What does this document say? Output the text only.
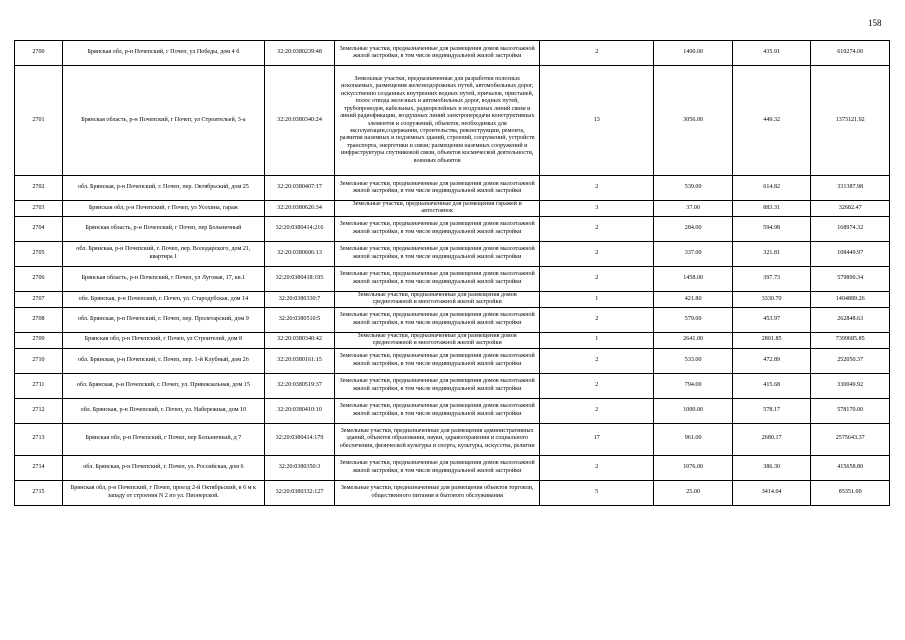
158
2700	Брянская обл, р-н Почепский, г Почеп, ул Победы, дом 4 б	32:20:0380239:48	Земельные участки, предназначенные для размещения домов малоэтажной жилой застройки, в том числе индивидуальной жилой застройки	2	1400.00	435.91	610274.00
2701	Брянская область, р-н Почепский, г Почеп, ул Строительей, 3-а	32:20:0380340:24	Земельные участки, предназначенные для разработки полезных ископаемых, размещения железнодорожных путей, автомобильных дорог, искусственно созданных внутренних водных путей, причалов, пристаней, полос отвода железных и автомобильных дорог, водных путей, трубопроводов, кабельных, радиорелейных и воздушных линий связи и линий радиофикации, воздушных линий электропередачи конструктивных элементов и сооружений, объектов, необходимых для эксплуатации,содержания, строительства, реконструкции, ремонта, развития наземных и подземных зданий, строений, сооружений, устройств транспорта, энергетики и связи; размещения наземных сооружений и инфраструктуры спутниковой связи, объектов космической деятельности, военных объектов	13	3056.00	449.32	1373121.92
2702	обл. Брянская, р-н Почепский, г. Почеп, пер. Октябрьский, дом 25	32:20:0380407:17	Земельные участки, предназначенные для размещения домов малоэтажной жилой застройки, в том числе индивидуальной жилой застройки	2	539.00	614.82	331387.98
2703	Брянская обл, р-н Почепский, г Почеп, ул Усохина, гараж	32:20:0380626:34	Земельные участки, предназначенные для размещения гаражей и автостоянок	3	37.00	883.31	32682.47
2704	Брянская область, р-н Почепский, г Почеп, пер Больничный	32:20:0380414:216	Земельные участки, предназначенные для размещения домов малоэтажной жилой застройки, в том числе индивидуальной жилой застройки	2	284.00	594.98	168974.32
2705	обл. Брянская, р-н Почепский, г. Почеп, пер. Володарского, дом 21, квартира 1	32:20:0380606:13	Земельные участки, предназначенные для размещения домов малоэтажной жилой застройки, в том числе индивидуальной жилой застройки	2	337.00	321.81	108449.97
2706	Брянская область, р-н Почепский, г Почеп, ул Луговая, 17, кв.1	32:20:0380418:195	Земельные участки, предназначенные для размещения домов малоэтажной жилой застройки, в том числе индивидуальной жилой застройки	2	1458.00	397.73	579890.34
2707	обл. Брянская, р-н Почепский, г. Почеп, ул. Стародубская, дом 14	32:20:0380330:7	Земельные участки, предназначенные для размещения домов среднеэтажной и многоэтажной жилой застройки	1	421.80	3330.70	1404889.26
2708	обл. Брянская, р-н Почепский, г. Почеп, пер. Пролетарский, дом 9	32:20:0380510:5	Земельные участки, предназначенные для размещения домов малоэтажной жилой застройки, в том числе индивидуальной жилой застройки	2	579.00	453.97	262848.63
2709	Брянская обл, р-н Почепский, г Почеп, ул Строителей, дом 8	32:20:0380340:42	Земельные участки, предназначенные для размещения домов среднеэтажной и многоэтажной жилой застройки	1	2641.00	2801.85	7399685.85
2710	обл. Брянская, р-н Почепский, г. Почеп, пер. 1-й Клубный, дом 26	32:20:0380161:15	Земельные участки, предназначенные для размещения домов малоэтажной жилой застройки, в том числе индивидуальной жилой застройки	2	533.00	472.89	252050.37
2711	обл. Брянская, р-н Почепский, г. Почеп, ул. Привокзальная, дом 15	32:20:0380519:37	Земельные участки, предназначенные для размещения домов малоэтажной жилой застройки, в том числе индивидуальной жилой застройки	2	794.00	415.68	330049.92
2712	обл. Брянская, р-н Почепский, г. Почеп, ул. Набережная, дом 10	32:20:0380410:10	Земельные участки, предназначенные для размещения домов малоэтажной жилой застройки, в том числе индивидуальной жилой застройки	2	1000.00	578.17	578170.00
2713	Брянская обл, р-н Почепский, г Почеп, пер Больничный, д 7	32:20:0380414:179	Земельные участки, предназначенные для размещения административных зданий, объектов образования, науки, здравоохранения и социального обеспечения, физической культуры и спорта, культуры, искусства, религии	17	961.00	2680.17	2575643.37
2714	обл. Брянская, р-н Почепский, г. Почеп, ул. Российская, дом 6	32:20:0380350:3	Земельные участки, предназначенные для размещения домов малоэтажной жилой застройки, в том числе индивидуальной жилой застройки	2	1076.00	386.30	415658.80
2715	Брянская обл, р-н Почепский, г Почеп, проезд 2-й Октябрьский, в 6 м к западу от строения N 2 по ул. Пионерской.	32:20:0380332:127	Земельные участки, предназначенные для размещения объектов торговли, общественного питания и бытового обслуживания	5	25.00	3414.04	85351.00
